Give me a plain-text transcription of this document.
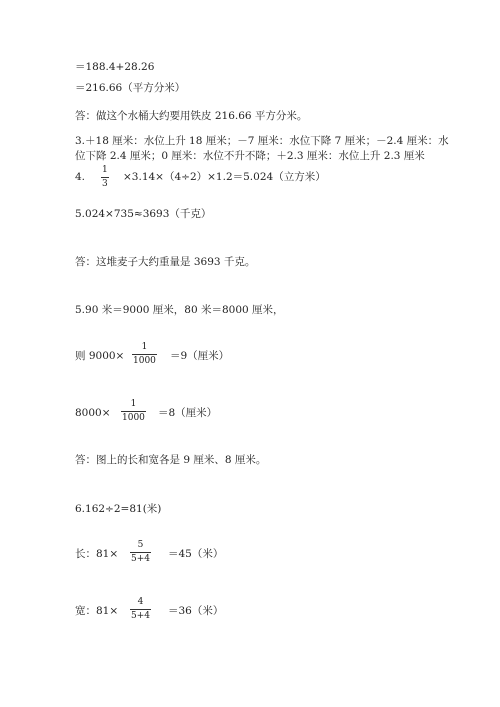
＝188.4+28.26
＝216.66（平方分米）
答：做这个水桶大约要用铁皮 216.66 平方分米。
3.＋18 厘米：水位上升 18 厘米；－7 厘米：水位下降 7 厘米；－2.4 厘米：水
位下降 2.4 厘米；0 厘米：水位不升不降；＋2.3 厘米：水位上升 2.3 厘米
4.
1
3
×3.14×（4÷2）×1.2＝5.024（立方米）
5.024×735≈3693（千克）
答：这堆麦子大约重量是 3693 千克。
5.90 米＝9000 厘米，80 米＝8000 厘米，
则 9000×
1
1000 ＝9（厘米）
8000×
1
1000 ＝8（厘米）
答：图上的长和宽各是 9 厘米、8 厘米。
6.162÷2=81(米)
长：81×
5
5+4 ＝45（米）
宽：81×
4
5+4 ＝36（米）
